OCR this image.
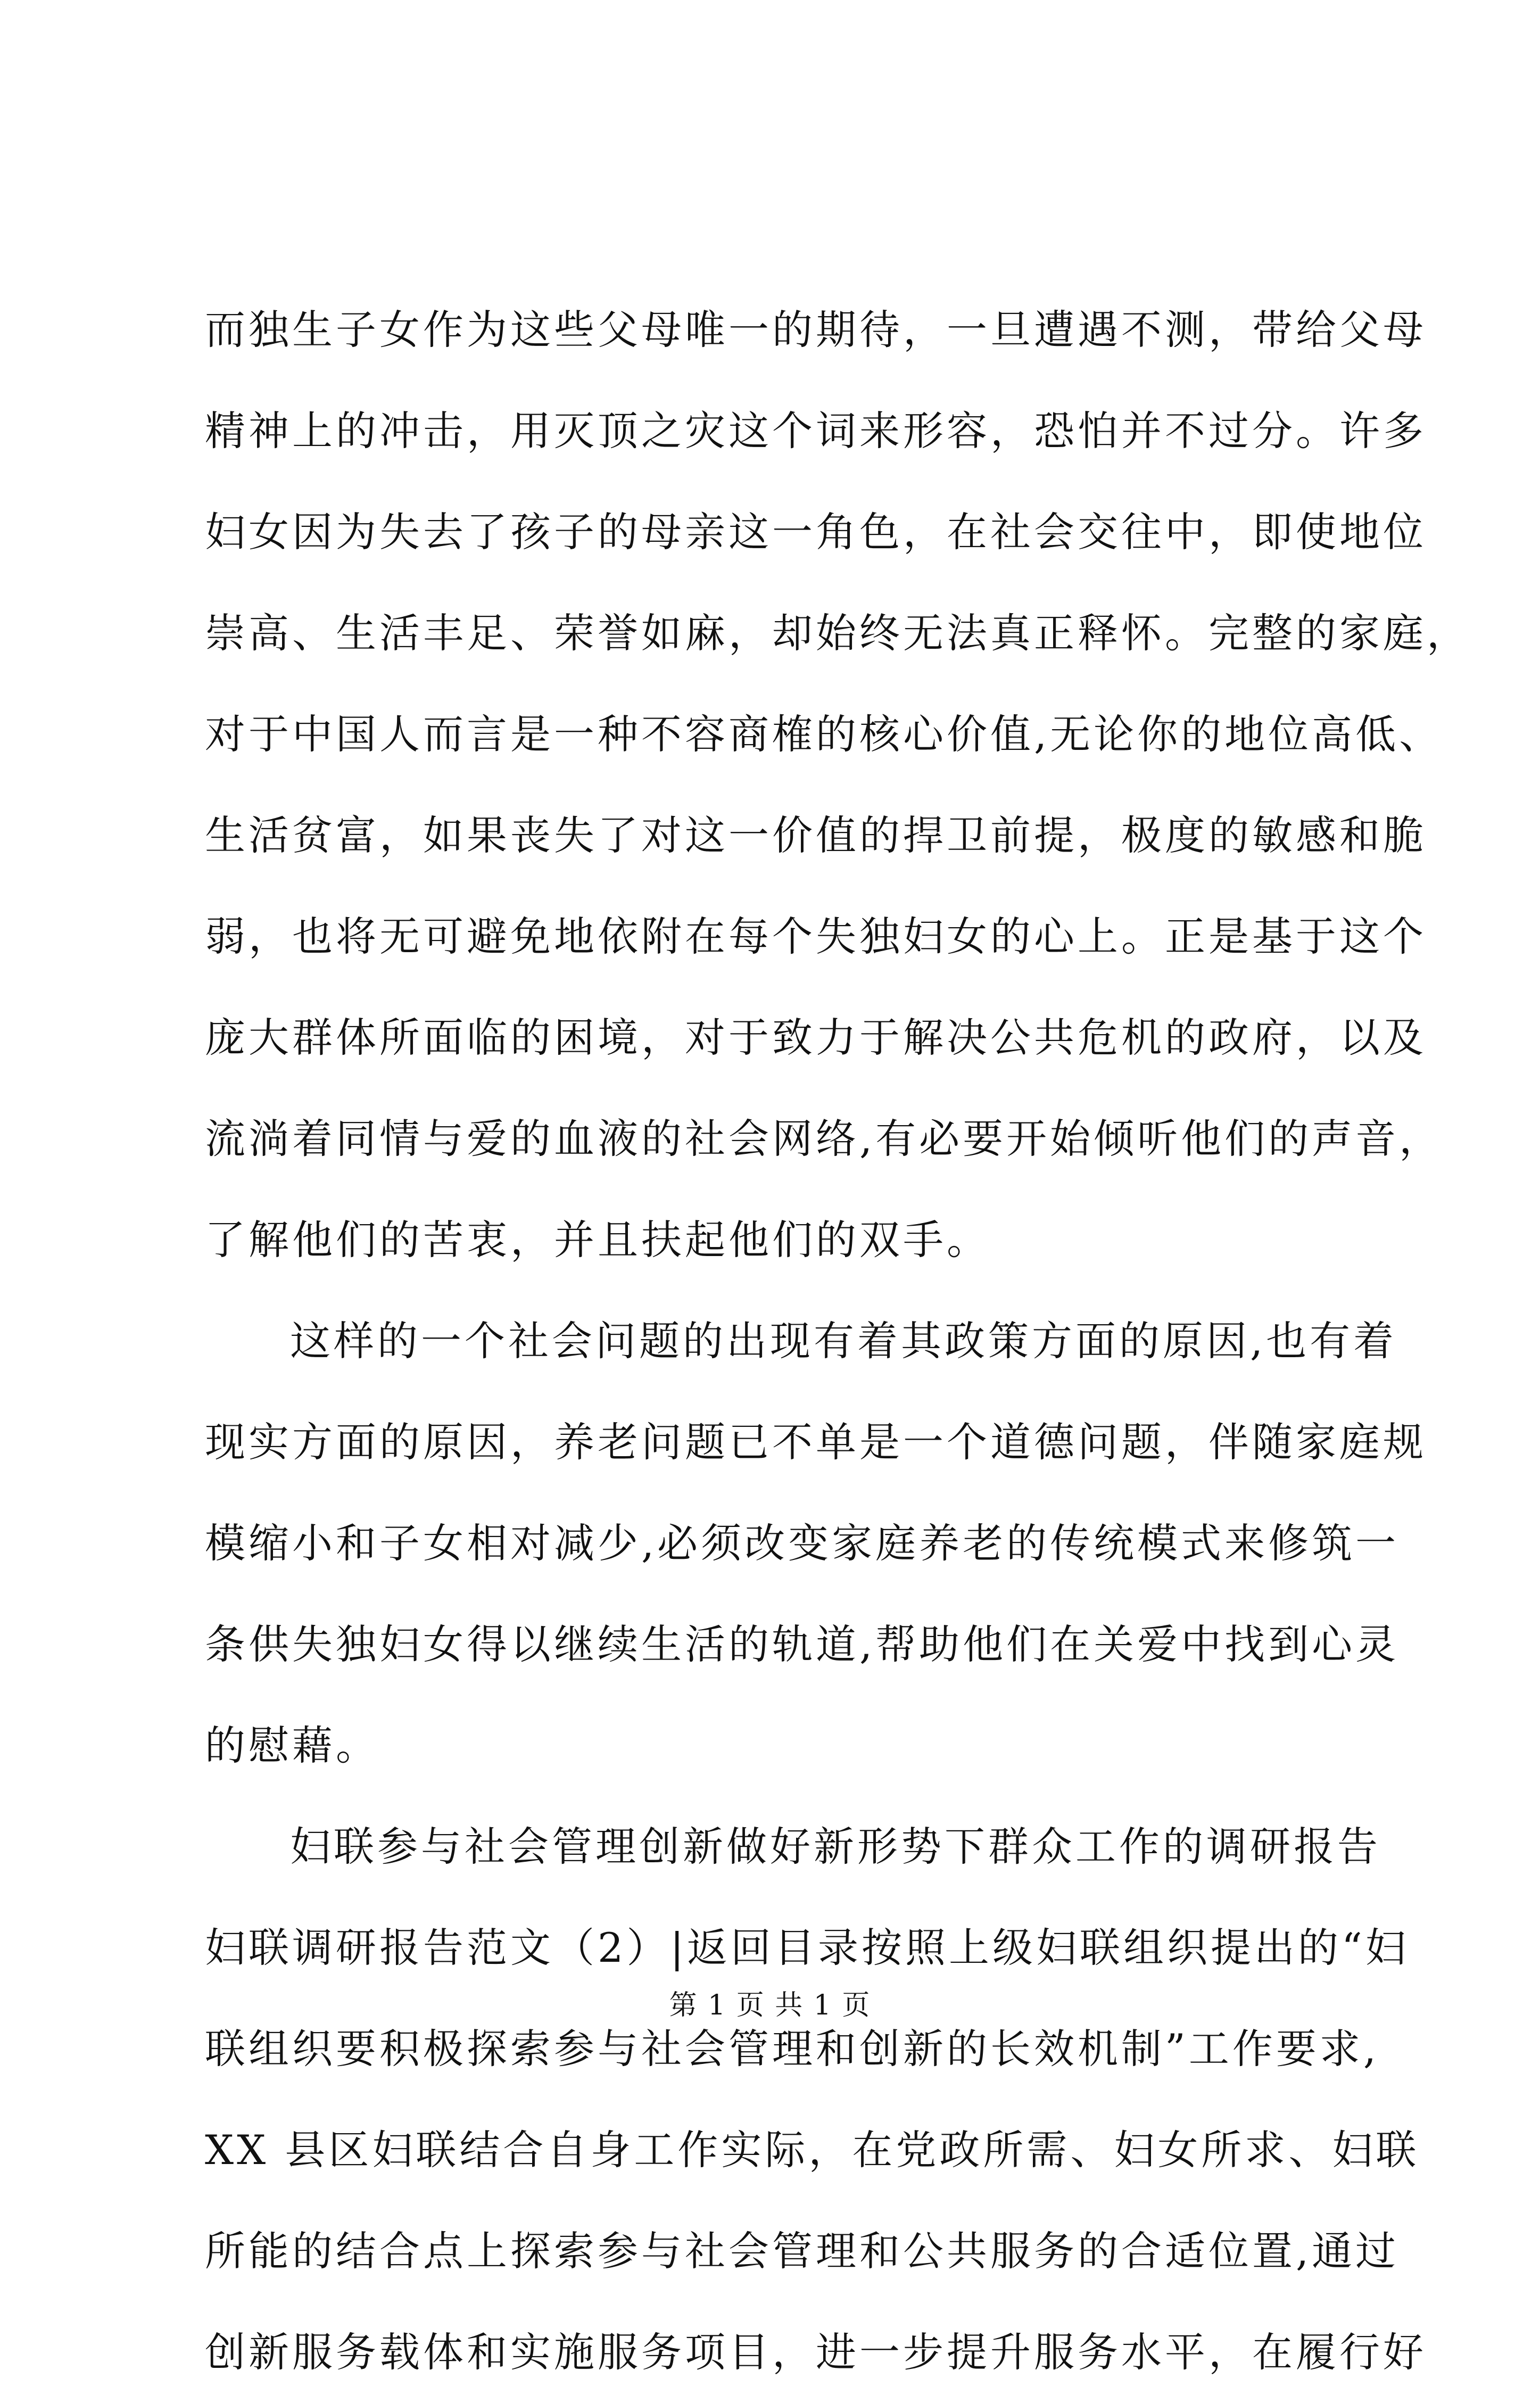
而独生子女作为这些父母唯一的期待，一旦遭遇不测，带给父母
精神上的冲击，用灭顶之灾这个词来形容，恐怕并不过分。许多
妇女因为失去了孩子的母亲这一角色，在社会交往中，即使地位
崇高、生活丰足、荣誉如麻，却始终无法真正释怀。完整的家庭，
对于中国人而言是一种不容商榷的核心价值,无论你的地位高低、
生活贫富，如果丧失了对这一价值的捍卫前提，极度的敏感和脆
弱，也将无可避免地依附在每个失独妇女的心上。正是基于这个
庞大群体所面临的困境，对于致力于解决公共危机的政府，以及
流淌着同情与爱的血液的社会网络,有必要开始倾听他们的声音，
了解他们的苦衷，并且扶起他们的双手。
这样的一个社会问题的出现有着其政策方面的原因,也有着
现实方面的原因，养老问题已不单是一个道德问题，伴随家庭规
模缩小和子女相对减少,必须改变家庭养老的传统模式来修筑一
条供失独妇女得以继续生活的轨道,帮助他们在关爱中找到心灵
的慰藉。
妇联参与社会管理创新做好新形势下群众工作的调研报告
妇联调研报告范文（2）|返回目录按照上级妇联组织提出的“妇
联组织要积极探索参与社会管理和创新的长效机制”工作要求,
XX 县区妇联结合自身工作实际，在党政所需、妇女所求、妇联
所能的结合点上探索参与社会管理和公共服务的合适位置,通过
创新服务载体和实施服务项目，进一步提升服务水平，在履行好
第 1 页 共 1 页
